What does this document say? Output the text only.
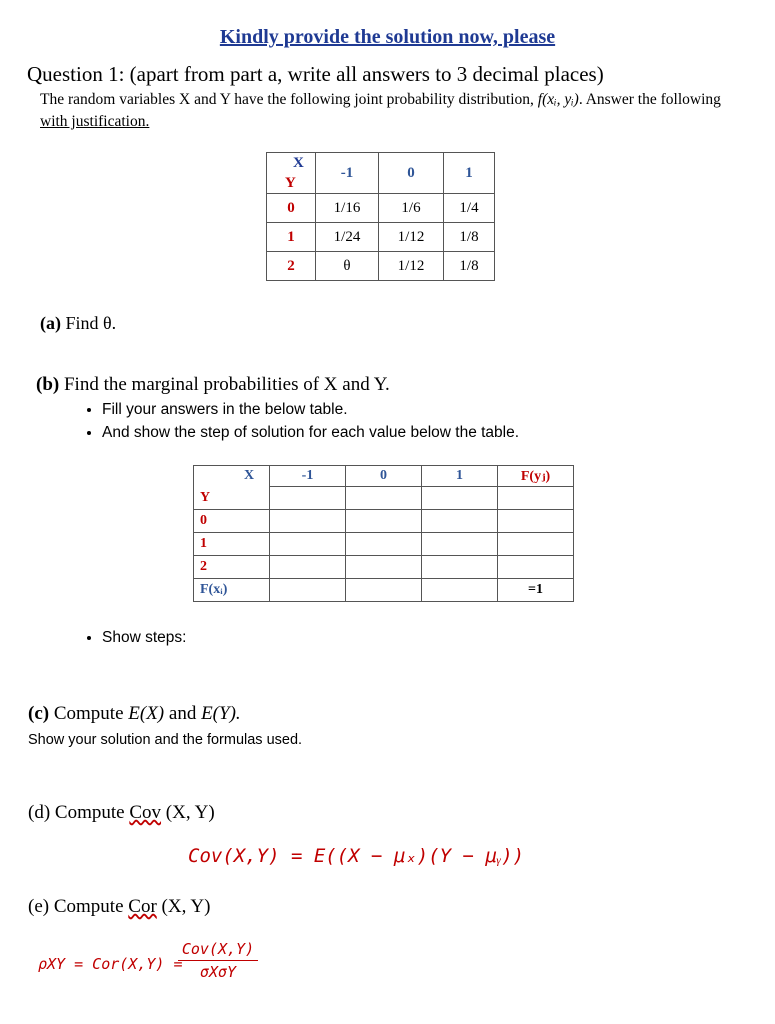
Kindly provide the solution now, please
Question 1: (apart from part a, write all answers to 3 decimal places)
The random variables X and Y have the following joint probability distribution, f(xᵢ, yᵢ). Answer the following
with justification.
X
Y	-1	0	1
0	1/16	1/6	1/4
1	1/24	1/12	1/8
2	θ	1/12	1/8
(a) Find θ.
(b) Find the marginal probabilities of X and Y.
• Fill your answers in the below table.
• And show the step of solution for each value below the table.
X	-1	0	1	F(yⱼ)
Y				
0				
1				
2				
F(xᵢ)				=1
• Show steps:
(c) Compute E(X) and E(Y).
Show your solution and the formulas used.
(d) Compute Cov (X, Y)
Cov(X,Y) = E((X − μₓ)(Y − μᵧ))
(e) Compute Cor (X, Y)
ρXY = Cor(X,Y) =
Cov(X,Y)
σXσY
